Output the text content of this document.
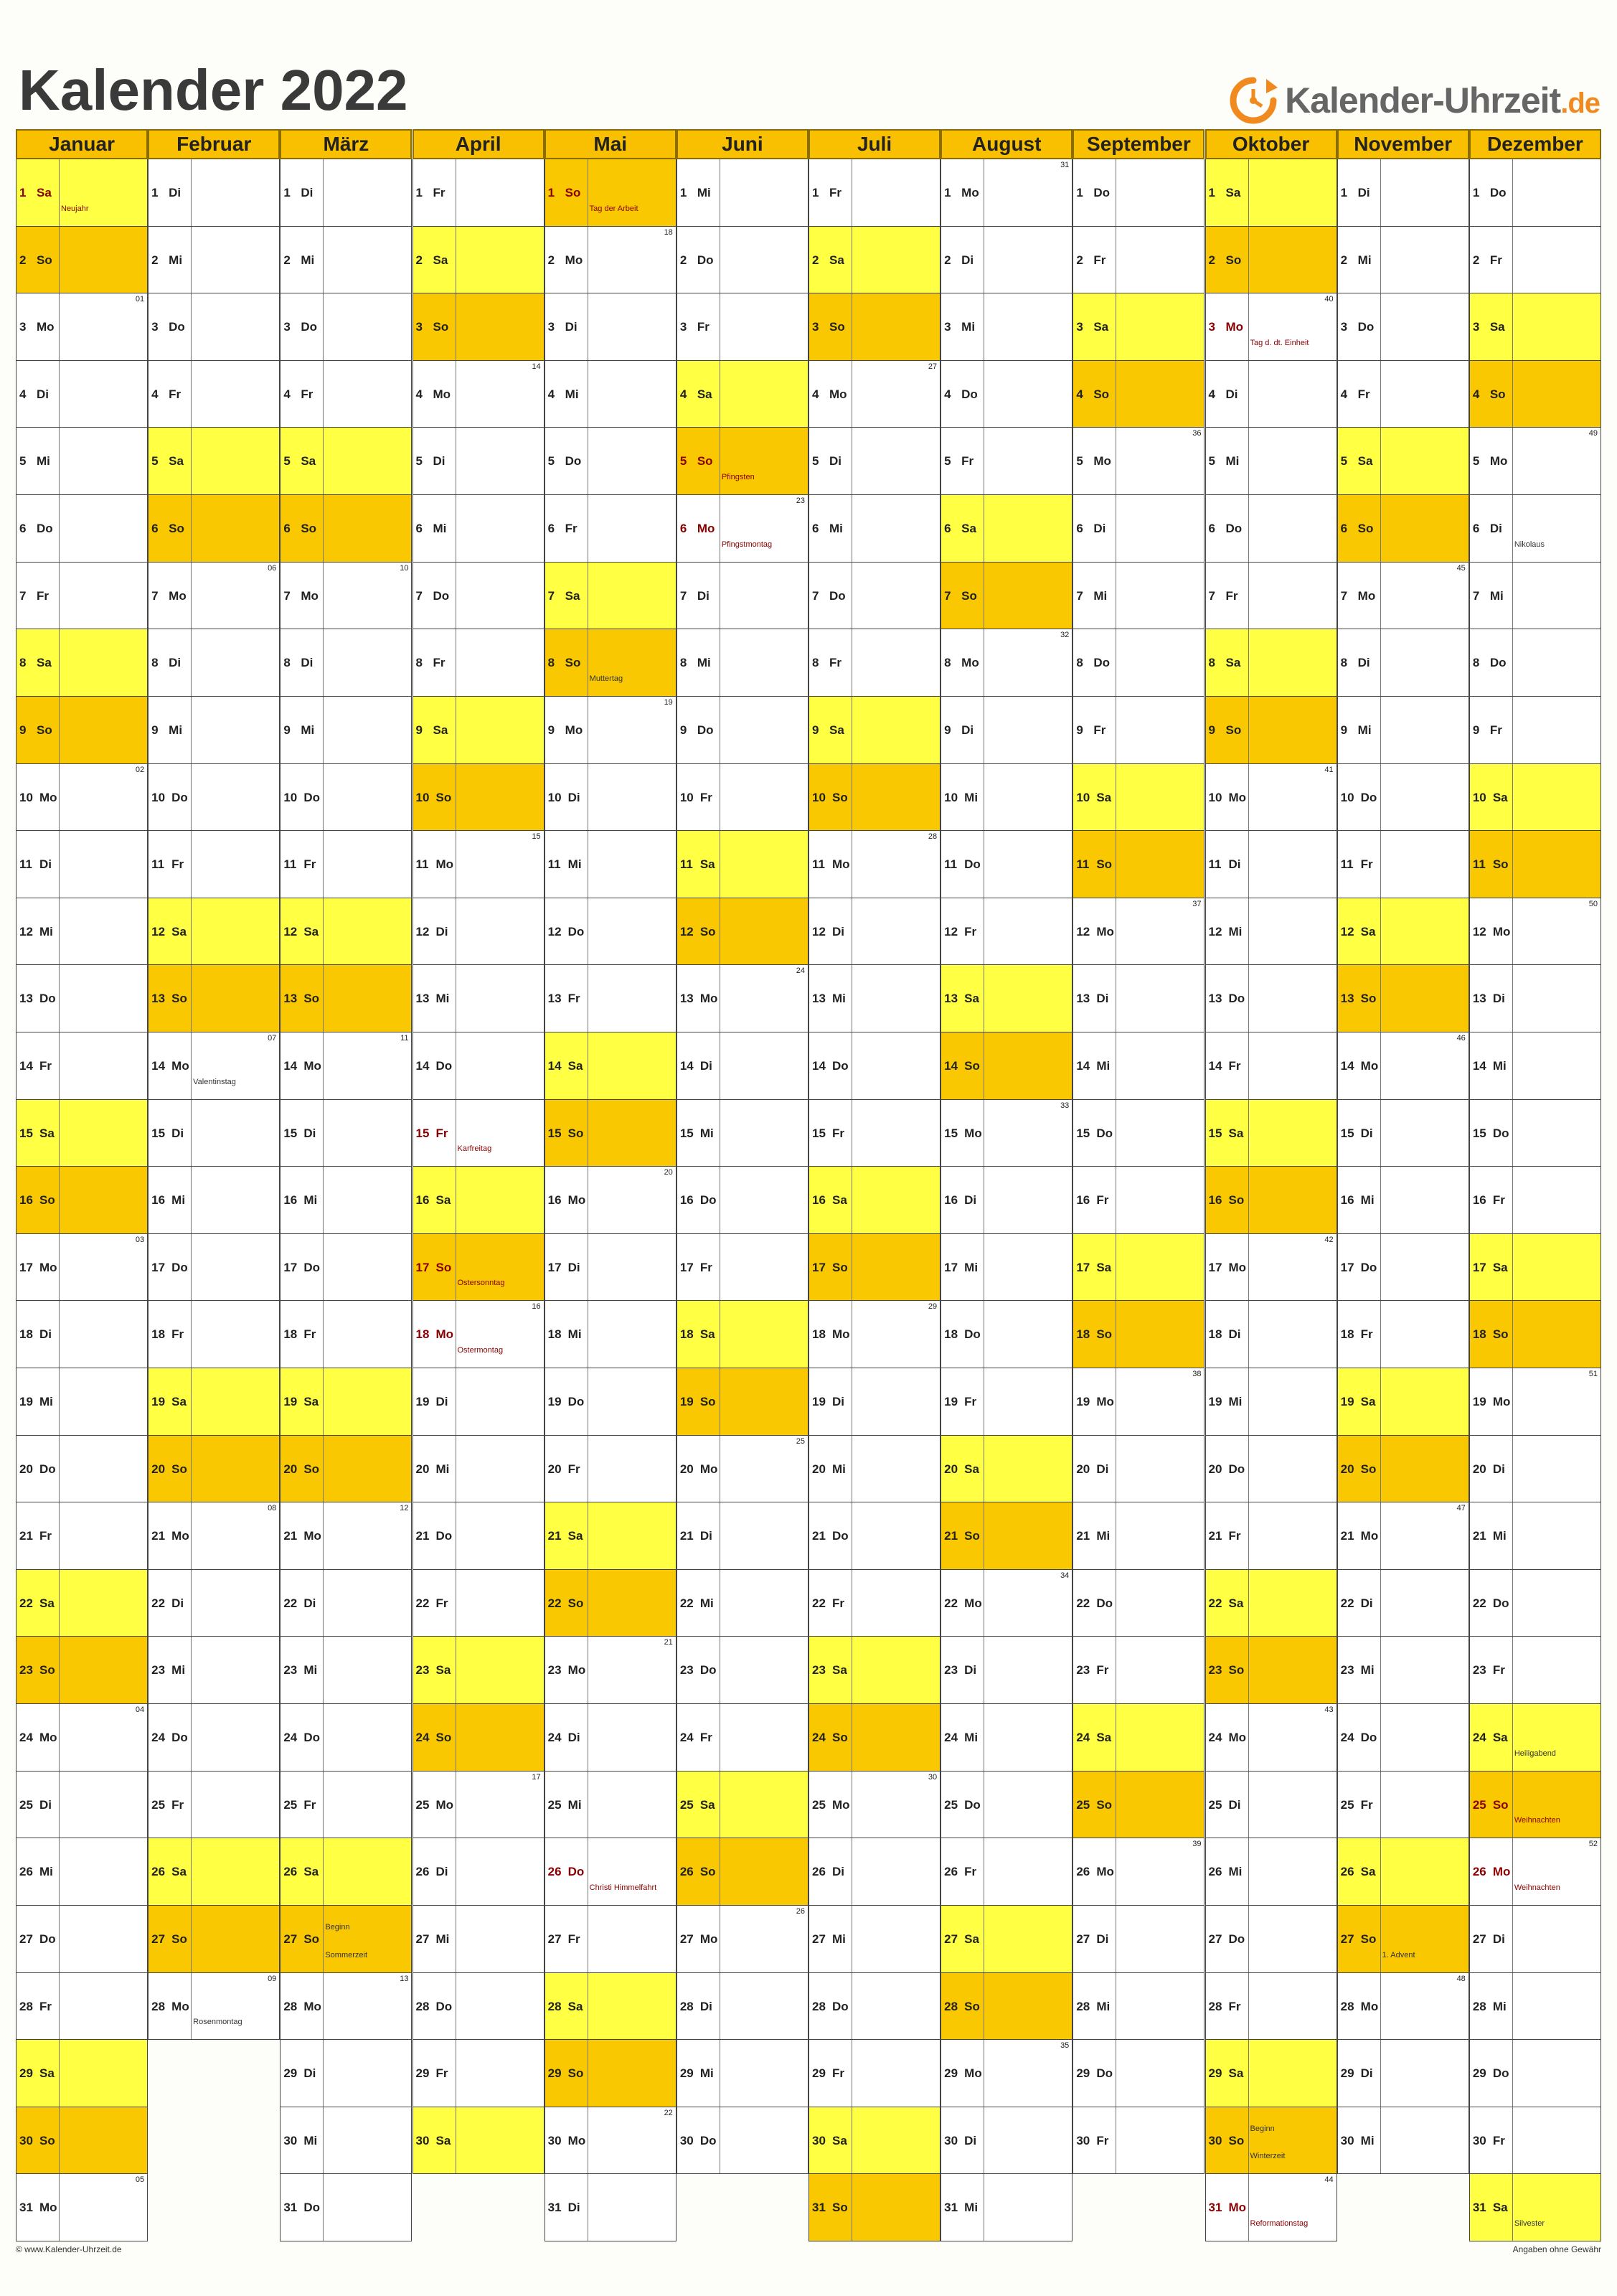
Kalender 2022	Kalender-Uhrzeit.de
Januar
1 Sa
Neujahr
2 So
3 Mo
01
4 Di
5 Mi
6 Do
7 Fr
8 Sa
9 So
10 Mo
02
11 Di
12 Mi
13 Do
14 Fr
15 Sa
16 So
17 Mo
03
18 Di
19 Mi
20 Do
21 Fr
22 Sa
23 So
24 Mo
04
25 Di
26 Mi
27 Do
28 Fr
29 Sa
30 So
31 Mo
05
Februar
1 Di
2 Mi
3 Do
4 Fr
5 Sa
6 So
7 Mo
06
8 Di
9 Mi
10 Do
11 Fr
12 Sa
13 So
14 Mo
07
Valentinstag
15 Di
16 Mi
17 Do
18 Fr
19 Sa
20 So
21 Mo
08
22 Di
23 Mi
24 Do
25 Fr
26 Sa
27 So
28 Mo
09
Rosenmontag
März
1 Di
2 Mi
3 Do
4 Fr
5 Sa
6 So
7 Mo
10
8 Di
9 Mi
10 Do
11 Fr
12 Sa
13 So
14 Mo
11
15 Di
16 Mi
17 Do
18 Fr
19 Sa
20 So
21 Mo
12
22 Di
23 Mi
24 Do
25 Fr
26 Sa
27 So
Beginn
Sommerzeit
28 Mo
13
29 Di
30 Mi
31 Do
April
1 Fr
2 Sa
3 So
4 Mo
14
5 Di
6 Mi
7 Do
8 Fr
9 Sa
10 So
11 Mo
15
12 Di
13 Mi
14 Do
15 Fr
Karfreitag
16 Sa
17 So
Ostersonntag
18 Mo
16
Ostermontag
19 Di
20 Mi
21 Do
22 Fr
23 Sa
24 So
25 Mo
17
26 Di
27 Mi
28 Do
29 Fr
30 Sa
Mai
1 So
Tag der Arbeit
2 Mo
18
3 Di
4 Mi
5 Do
6 Fr
7 Sa
8 So
Muttertag
9 Mo
19
10 Di
11 Mi
12 Do
13 Fr
14 Sa
15 So
16 Mo
20
17 Di
18 Mi
19 Do
20 Fr
21 Sa
22 So
23 Mo
21
24 Di
25 Mi
26 Do
Christi Himmelfahrt
27 Fr
28 Sa
29 So
30 Mo
22
31 Di
Juni
1 Mi
2 Do
3 Fr
4 Sa
5 So
Pfingsten
6 Mo
23
Pfingstmontag
7 Di
8 Mi
9 Do
10 Fr
11 Sa
12 So
13 Mo
24
14 Di
15 Mi
16 Do
17 Fr
18 Sa
19 So
20 Mo
25
21 Di
22 Mi
23 Do
24 Fr
25 Sa
26 So
27 Mo
26
28 Di
29 Mi
30 Do
Juli
1 Fr
2 Sa
3 So
4 Mo
27
5 Di
6 Mi
7 Do
8 Fr
9 Sa
10 So
11 Mo
28
12 Di
13 Mi
14 Do
15 Fr
16 Sa
17 So
18 Mo
29
19 Di
20 Mi
21 Do
22 Fr
23 Sa
24 So
25 Mo
30
26 Di
27 Mi
28 Do
29 Fr
30 Sa
31 So
August
1 Mo
31
2 Di
3 Mi
4 Do
5 Fr
6 Sa
7 So
8 Mo
32
9 Di
10 Mi
11 Do
12 Fr
13 Sa
14 So
15 Mo
33
16 Di
17 Mi
18 Do
19 Fr
20 Sa
21 So
22 Mo
34
23 Di
24 Mi
25 Do
26 Fr
27 Sa
28 So
29 Mo
35
30 Di
31 Mi
September
1 Do
2 Fr
3 Sa
4 So
5 Mo
36
6 Di
7 Mi
8 Do
9 Fr
10 Sa
11 So
12 Mo
37
13 Di
14 Mi
15 Do
16 Fr
17 Sa
18 So
19 Mo
38
20 Di
21 Mi
22 Do
23 Fr
24 Sa
25 So
26 Mo
39
27 Di
28 Mi
29 Do
30 Fr
Oktober
1 Sa
2 So
3 Mo
40
Tag d. dt. Einheit
4 Di
5 Mi
6 Do
7 Fr
8 Sa
9 So
10 Mo
41
11 Di
12 Mi
13 Do
14 Fr
15 Sa
16 So
17 Mo
42
18 Di
19 Mi
20 Do
21 Fr
22 Sa
23 So
24 Mo
43
25 Di
26 Mi
27 Do
28 Fr
29 Sa
30 So
Beginn
Winterzeit
31 Mo
44
Reformationstag
November
1 Di
2 Mi
3 Do
4 Fr
5 Sa
6 So
7 Mo
45
8 Di
9 Mi
10 Do
11 Fr
12 Sa
13 So
14 Mo
46
15 Di
16 Mi
17 Do
18 Fr
19 Sa
20 So
21 Mo
47
22 Di
23 Mi
24 Do
25 Fr
26 Sa
27 So
1. Advent
28 Mo
48
29 Di
30 Mi
Dezember
1 Do
2 Fr
3 Sa
4 So
5 Mo
49
6 Di
Nikolaus
7 Mi
8 Do
9 Fr
10 Sa
11 So
12 Mo
50
13 Di
14 Mi
15 Do
16 Fr
17 Sa
18 So
19 Mo
51
20 Di
21 Mi
22 Do
23 Fr
24 Sa
Heiligabend
25 So
Weihnachten
26 Mo
52
Weihnachten
27 Di
28 Mi
29 Do
30 Fr
31 Sa
Silvester
© www.Kalender-Uhrzeit.de	Angaben ohne Gewähr
